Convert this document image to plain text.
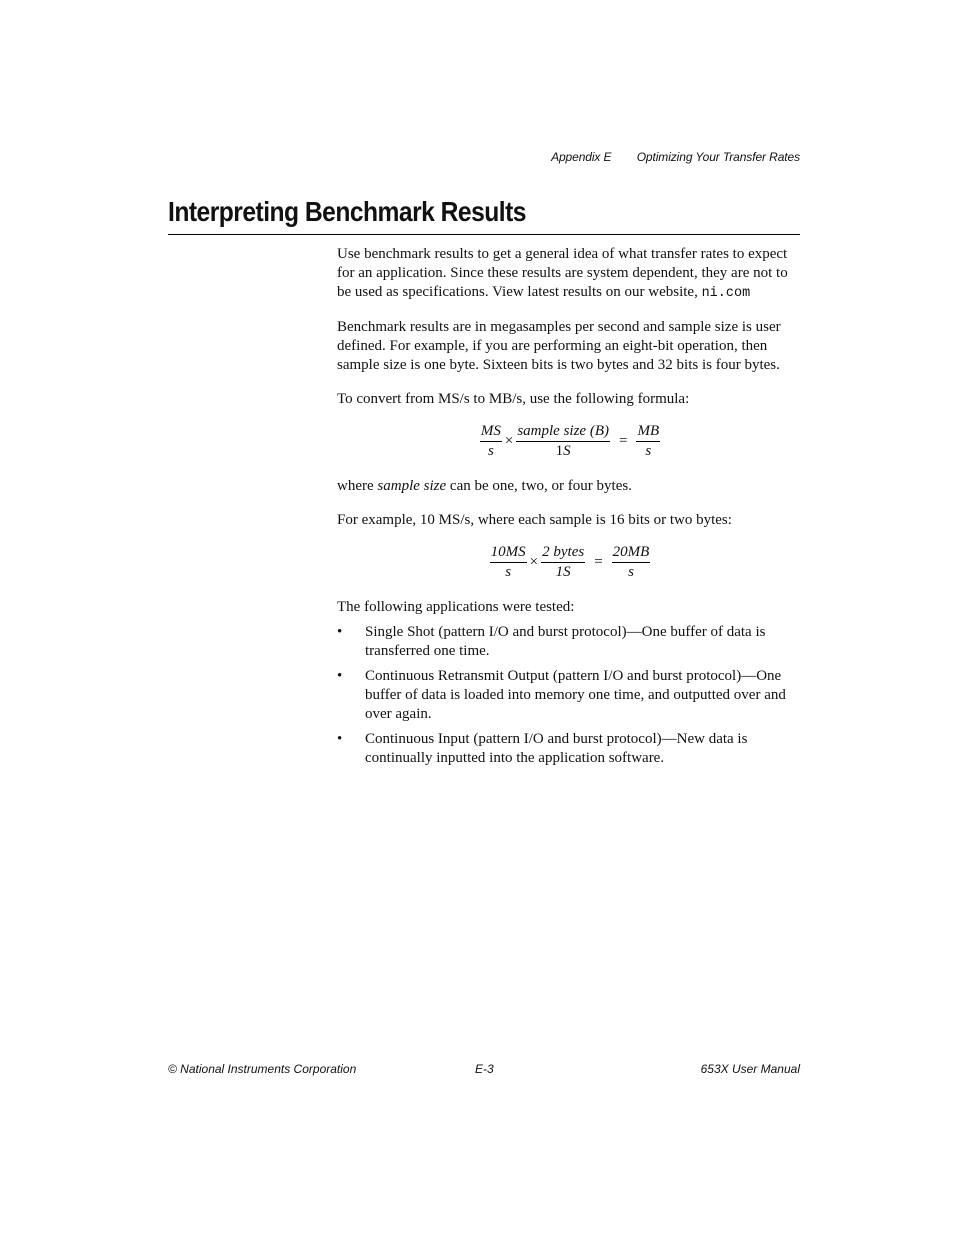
Appendix E Optimizing Your Transfer Rates
Interpreting Benchmark Results

Use benchmark results to get a general idea of what transfer rates to expect for an application. Since these results are system dependent, they are not to be used as specifications. View latest results on our website, ni.com

Benchmark results are in megasamples per second and sample size is user defined. For example, if you are performing an eight-bit operation, then sample size is one byte. Sixteen bits is two bytes and 32 bits is four bytes.

To convert from MS/s to MB/s, use the following formula:

$\frac{MS}{s} \times \frac{\text{sample size (B)}}{1S} = \frac{MB}{s}$

where sample size can be one, two, or four bytes.

For example, 10 MS/s, where each sample is 16 bits or two bytes:

$\frac{10MS}{s} \times \frac{\text{2 bytes}}{1S} = \frac{20MB}{s}$

The following applications were tested:

• Single Shot (pattern I/O and burst protocol)—One buffer of data is transferred one time.
• Continuous Retransmit Output (pattern I/O and burst protocol)—One buffer of data is loaded into memory one time, and outputted over and over again.
• Continuous Input (pattern I/O and burst protocol)—New data is continually inputted into the application software.
© National Instruments Corporation	E-3	653X User Manual
